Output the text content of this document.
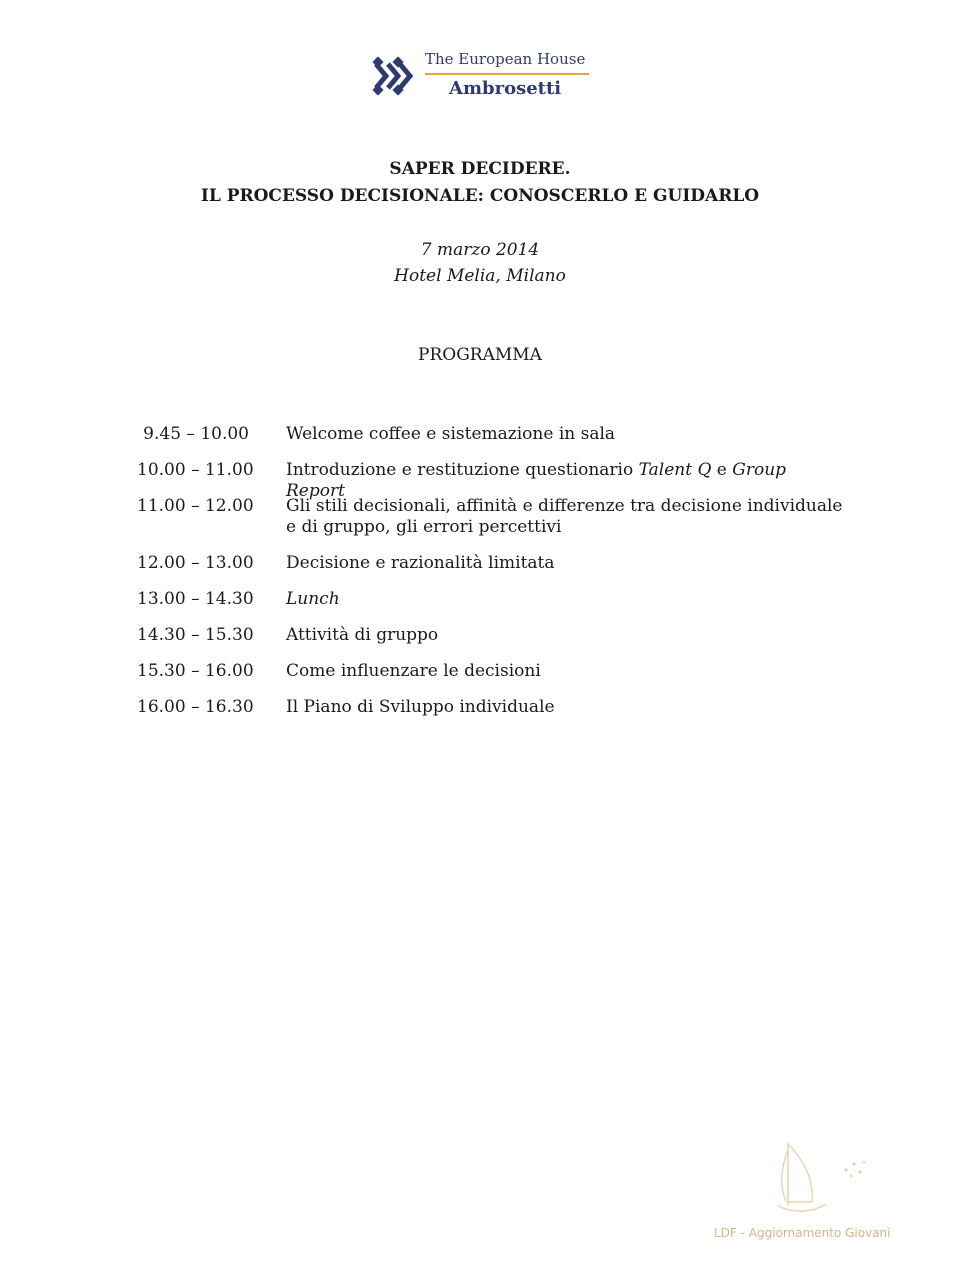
The European House
Ambrosetti
SAPER DECIDERE.
IL PROCESSO DECISIONALE: CONOSCERLO E GUIDARLO
7 marzo 2014
Hotel Melia, Milano
PROGRAMMA
9.45 – 10.00 Welcome coffee e sistemazione in sala
10.00 – 11.00 Introduzione e restituzione questionario Talent Q e Group Report
11.00 – 12.00 Gli stili decisionali, affinità e differenze tra decisione individuale e di gruppo, gli errori percettivi
12.00 – 13.00 Decisione e razionalità limitata
13.00 – 14.30 Lunch
14.30 – 15.30 Attività di gruppo
15.30 – 16.00 Come influenzare le decisioni
16.00 – 16.30 Il Piano di Sviluppo individuale
LDF - Aggiornamento Giovani
